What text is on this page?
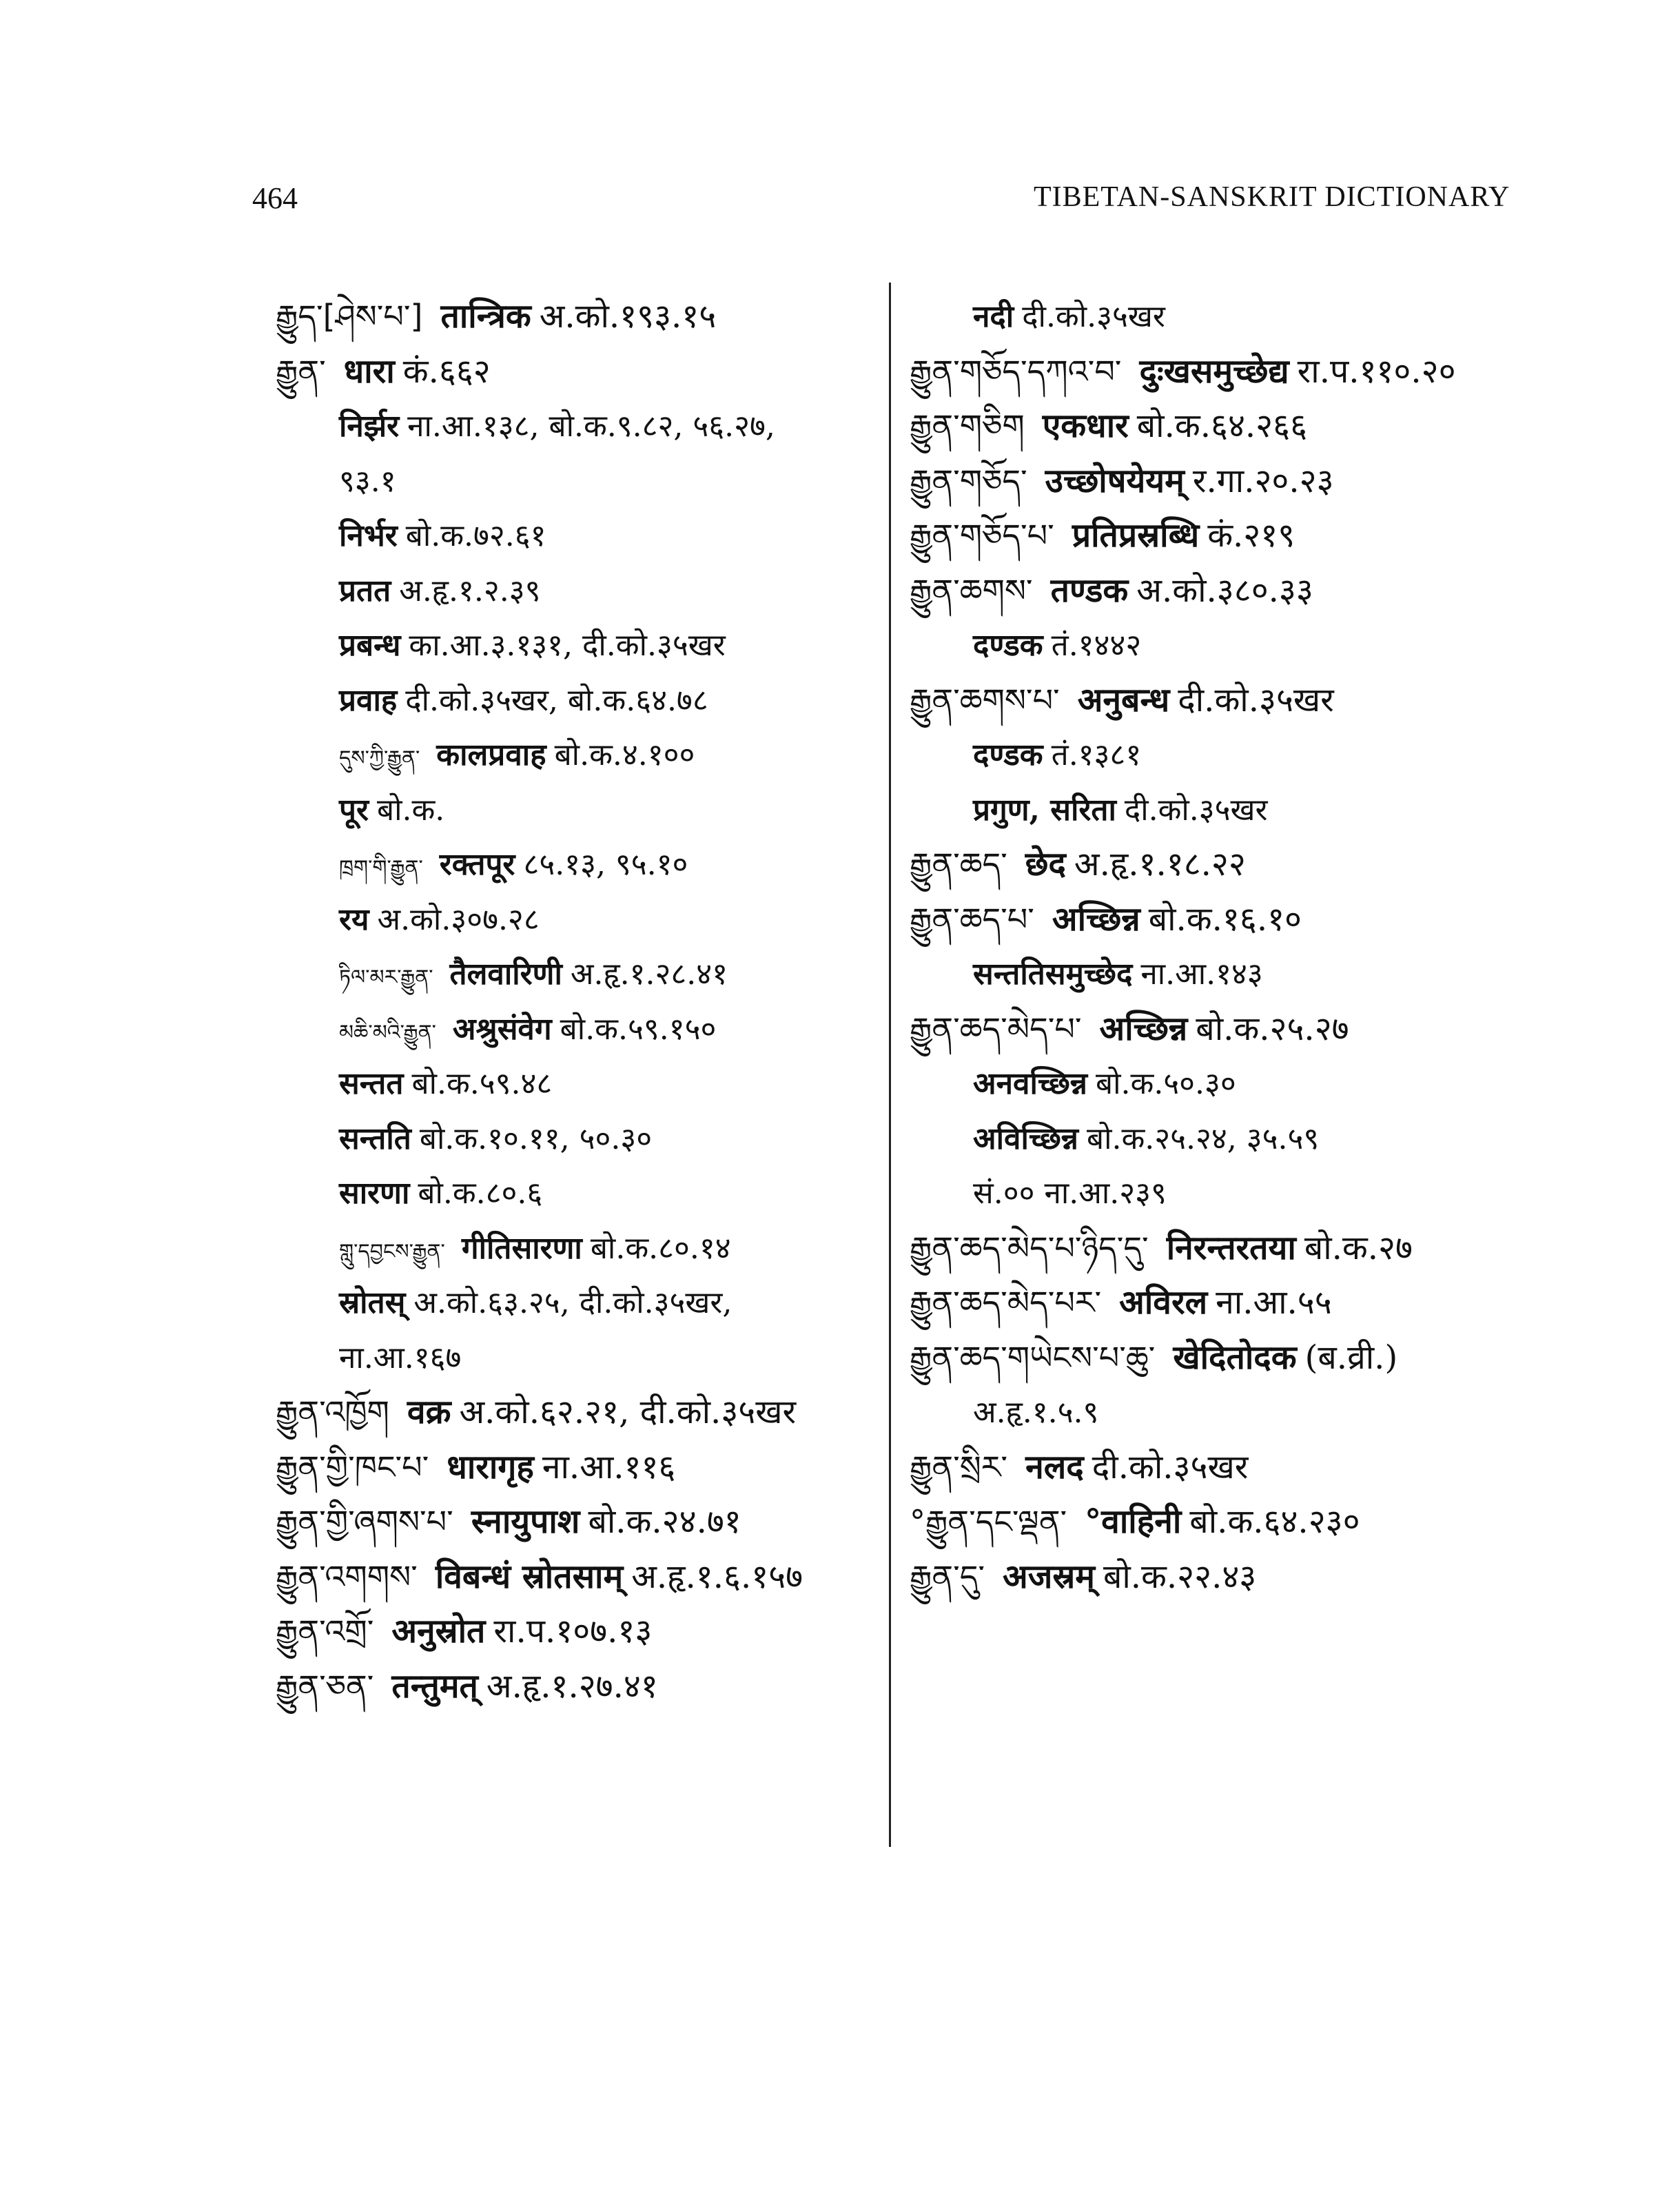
464	TIBETAN-SANSKRIT DICTIONARY
རྒྱུད་[ཤེས་པ་] तान्त्रिक अ.को.१९३.१५
རྒྱུན་ धारा कं.६६२
निर्झर ना.आ.१३८, बो.क.९.८२, ५६.२७,
९३.१
निर्भर बो.क.७२.६१
प्रतत अ.हृ.१.२.३९
प्रबन्ध का.आ.३.१३१, दी.को.३५खर
प्रवाह दी.को.३५खर, बो.क.६४.७८
དུས་ཀྱི་རྒྱུན་ कालप्रवाह बो.क.४.१००
पूर बो.क.
ཁྲག་གི་རྒྱུན་ रक्तपूर ८५.१३, ९५.१०
रय अ.को.३०७.२८
ཏིལ་མར་རྒྱུན་ तैलवारिणी अ.हृ.१.२८.४१
མཆི་མའི་རྒྱུན་ अश्रुसंवेग बो.क.५९.१५०
सन्तत बो.क.५९.४८
सन्तति बो.क.१०.११, ५०.३०
सारणा बो.क.८०.६
གླུ་དབྱངས་རྒྱུན་ गीतिसारणा बो.क.८०.१४
स्रोतस् अ.को.६३.२५, दी.को.३५खर,
ना.आ.१६७
རྒྱུན་འཁྱོག वक्र अ.को.६२.२१, दी.को.३५खर
རྒྱུན་གྱི་ཁང་པ་ धारागृह ना.आ.११६
རྒྱུན་གྱི་ཞགས་པ་ स्नायुपाश बो.क.२४.७१
རྒྱུན་འགགས་ विबन्धं स्रोतसाम् अ.हृ.१.६.१५७
རྒྱུན་འགྲོ་ अनुस्रोत रा.प.१०७.१३
རྒྱུན་ཅན་ तन्तुमत् अ.हृ.१.२७.४१
नदी दी.को.३५खर
རྒྱུན་གཅོད་དཀའ་བ་ दुःखसमुच्छेद्य रा.प.११०.२०
རྒྱུན་གཅིག एकधार बो.क.६४.२६६
རྒྱུན་གཅོད་ उच्छोषयेयम् र.गा.२०.२३
རྒྱུན་གཅོད་པ་ प्रतिप्रस्रब्धि कं.२१९
རྒྱུན་ཆགས་ तण्डक अ.को.३८०.३३
दण्डक तं.१४४२
རྒྱུན་ཆགས་པ་ अनुबन्ध दी.को.३५खर
दण्डक तं.१३८१
प्रगुण, सरिता दी.को.३५खर
རྒྱུན་ཆད་ छेद अ.हृ.१.१८.२२
རྒྱུན་ཆད་པ་ अच्छिन्न बो.क.१६.१०
सन्ततिसमुच्छेद ना.आ.१४३
རྒྱུན་ཆད་མེད་པ་ अच्छिन्न बो.क.२५.२७
अनवच्छिन्न बो.क.५०.३०
अविच्छिन्न बो.क.२५.२४, ३५.५९
सं.०० ना.आ.२३९
རྒྱུན་ཆད་མེད་པ་ཉིད་དུ་ निरन्तरतया बो.क.२७
རྒྱུན་ཆད་མེད་པར་ अविरल ना.आ.५५
རྒྱུན་ཆད་གཡེངས་པ་ཆུ་ खेदितोदक (ब.व्री.)
अ.हृ.१.५.९
རྒྱུན་སྲིར་ नलद दी.को.३५खर
°རྒྱུན་དང་ལྡན་ °वाहिनी बो.क.६४.२३०
རྒྱུན་དུ་ अजस्रम् बो.क.२२.४३
